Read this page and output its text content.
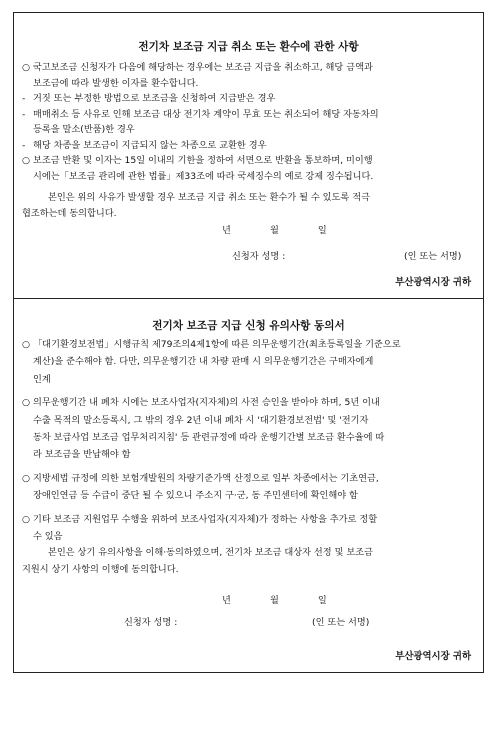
전기차 보조금 지급 취소 또는 환수에 관한 사항
○ 국고보조금 신청자가 다음에 해당하는 경우에는 보조금 지급을 취소하고, 해당 금액과
보조금에 따라 발생한 이자를 환수합니다.
- 거짓 또는 부정한 방법으로 보조금을 신청하여 지급받은 경우
- 매매취소 등 사유로 인해 보조금 대상 전기차 계약이 무효 또는 취소되어 해당 자동차의
등록을 말소(반품)한 경우
- 해당 차종을 보조금이 지급되지 않는 차종으로 교환한 경우
○ 보조금 반환 및 이자는 15일 이내의 기한을 정하여 서면으로 반환을 통보하며, 미이행
시에는「보조금 관리에 관한 법률」제33조에 따라 국세징수의 예로 강제 징수됩니다.
본인은 위의 사유가 발생할 경우 보조금 지급 취소 또는 환수가 될 수 있도록 적극
협조하는데 동의합니다.
년	월	일
신청자 성명 :	(인 또는 서명)
부산광역시장 귀하
전기차 보조금 지급 신청 유의사항 동의서
○ 「대기환경보전법」시행규칙 제79조의4제1항에 따른 의무운행기간(최초등록일을 기준으로
계산)을 준수해야 함. 다만, 의무운행기간 내 차량 판매 시 의무운행기간은 구매자에게
인계
○ 의무운행기간 내 폐차 시에는 보조사업자(지자체)의 사전 승인을 받아야 하며, 5년 이내
수출 목적의 말소등록시, 그 밖의 경우 2년 이내 폐차 시 '대기환경보전법' 및 '전기자
동차 보급사업 보조금 업무처리지침' 등 관련규정에 따라 운행기간별 보조금 환수율에 따
라 보조금을 반납해야 함
○ 지방세법 규정에 의한 보험개발원의 차량기준가액 산정으로 일부 차종에서는 기초연금,
장애인연금 등 수급이 중단 될 수 있으니 주소지 구·군, 동 주민센터에 확인해야 함
○ 기타 보조금 지원업무 수행을 위하여 보조사업자(지자체)가 정하는 사항을 추가로 정할
수 있음
본인은 상기 유의사항을 이해·동의하였으며, 전기차 보조금 대상자 선정 및 보조금
지원시 상기 사항의 이행에 동의합니다.
년	월	일
신청자 성명 :	(인 또는 서명)
부산광역시장 귀하
